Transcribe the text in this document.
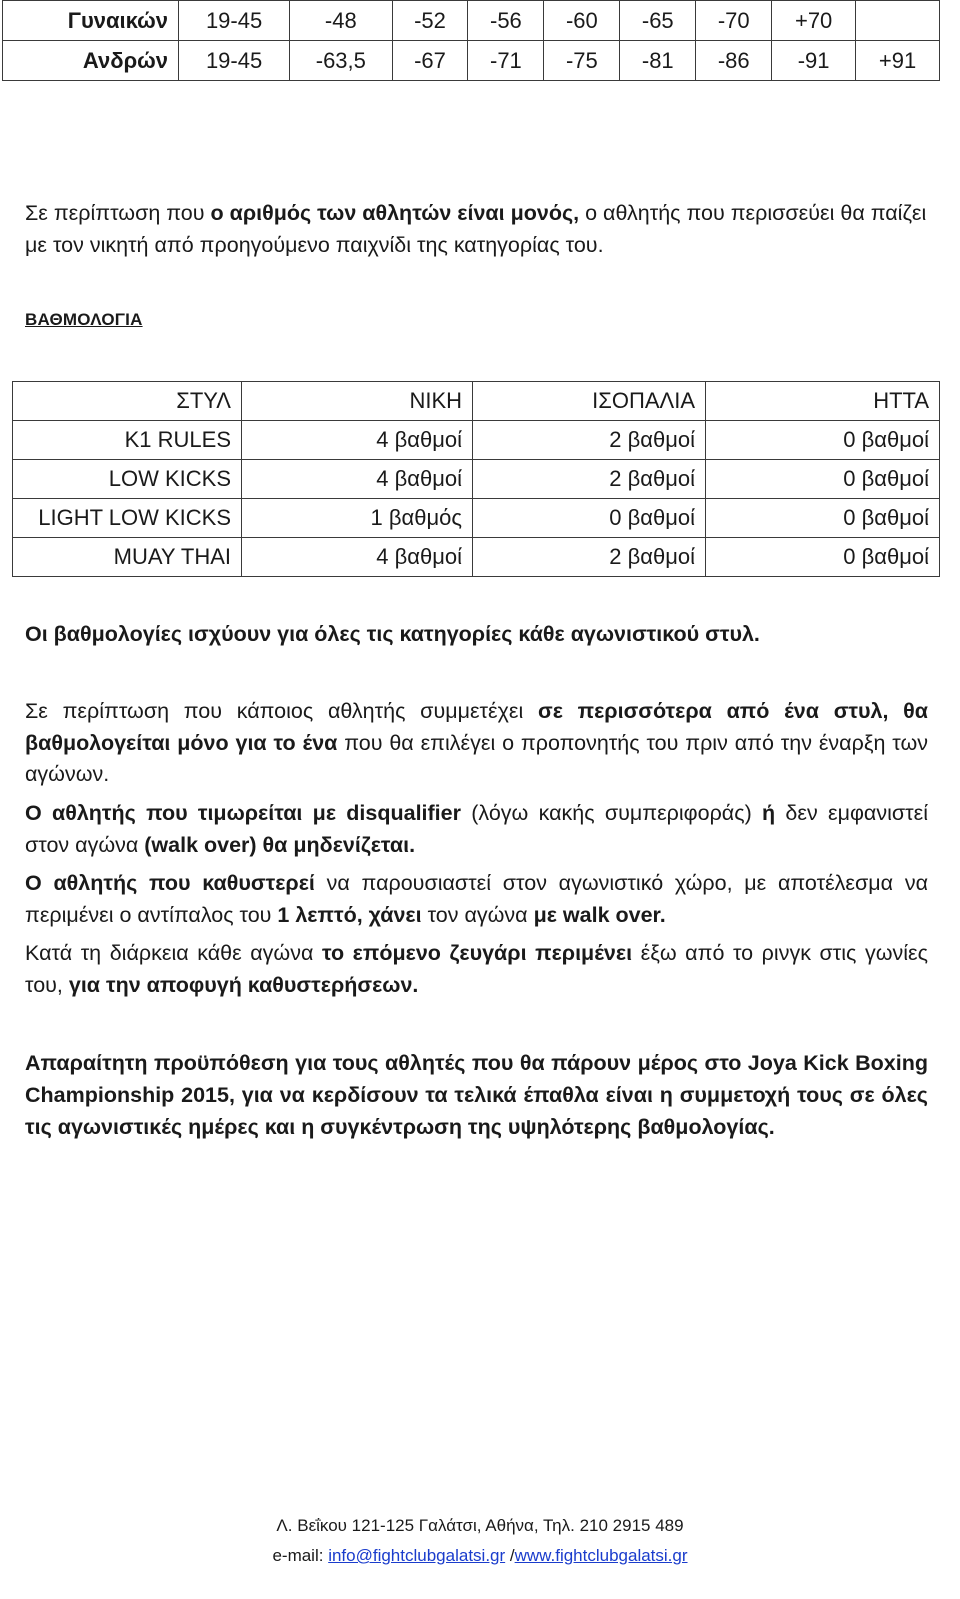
Γυναικών	19-45	-48	-52	-56	-60	-65	-70	+70	
Ανδρών	19-45	-63,5	-67	-71	-75	-81	-86	-91	+91
Σε περίπτωση που ο αριθμός των αθλητών είναι μονός, ο αθλητής που περισσεύει θα παίζει με τον νικητή από προηγούμενο παιχνίδι της κατηγορίας του.
ΒΑΘΜΟΛΟΓΙΑ
ΣΤΥΛ	ΝΙΚΗ	ΙΣΟΠΑΛΙΑ	ΗΤΤΑ
K1 RULES	4 βαθμοί	2 βαθμοί	0 βαθμοί
LOW KICKS	4 βαθμοί	2 βαθμοί	0 βαθμοί
LIGHT LOW KICKS	1 βαθμός	0 βαθμοί	0 βαθμοί
MUAY THAI	4 βαθμοί	2 βαθμοί	0 βαθμοί
Οι βαθμολογίες ισχύουν για όλες τις κατηγορίες κάθε αγωνιστικού στυλ.
Σε περίπτωση που κάποιος αθλητής συμμετέχει σε περισσότερα από ένα στυλ, θα βαθμολογείται μόνο για το ένα που θα επιλέγει ο προπονητής του πριν από την έναρξη των αγώνων.
Ο αθλητής που τιμωρείται με disqualifier (λόγω κακής συμπεριφοράς) ή δεν εμφανιστεί στον αγώνα (walk over) θα μηδενίζεται.
Ο αθλητής που καθυστερεί να παρουσιαστεί στον αγωνιστικό χώρο, με αποτέλεσμα να περιμένει ο αντίπαλος του 1 λεπτό, χάνει τον αγώνα με walk over.
Κατά τη διάρκεια κάθε αγώνα το επόμενο ζευγάρι περιμένει έξω από το ρινγκ στις γωνίες του, για την αποφυγή καθυστερήσεων.
Απαραίτητη προϋπόθεση για τους αθλητές που θα πάρουν μέρος στο Joya Kick Boxing Championship 2015, για να κερδίσουν τα τελικά έπαθλα είναι η συμμετοχή τους σε όλες τις αγωνιστικές ημέρες και η συγκέντρωση της υψηλότερης βαθμολογίας.
Λ. Βεΐκου 121-125 Γαλάτσι, Αθήνα, Τηλ. 210 2915 489
e-mail: info@fightclubgalatsi.gr /www.fightclubgalatsi.gr
